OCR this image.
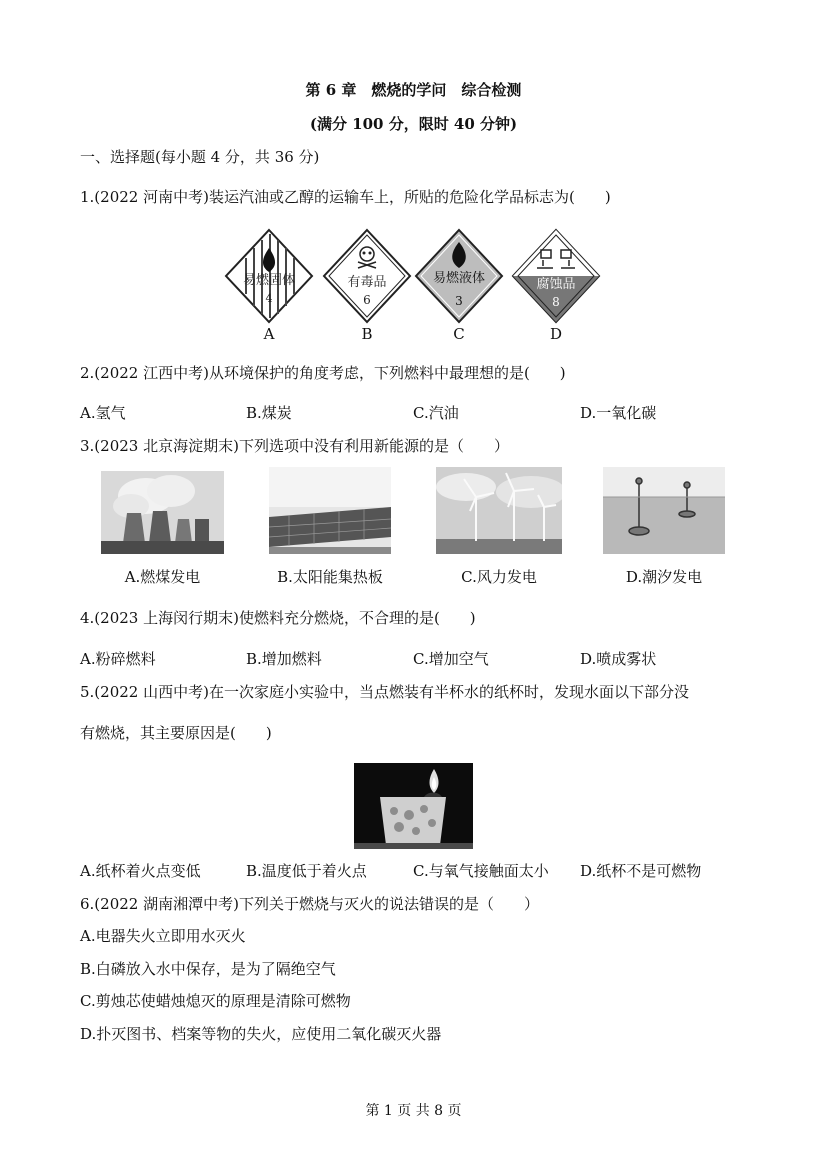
第 6 章　燃烧的学问　综合检测
(满分 100 分，限时 40 分钟)
一、选择题(每小题 4 分，共 36 分)
1.(2022 河南中考)装运汽油或乙醇的运输车上，所贴的危险化学品标志为(　　)
易燃固体
4
A
有毒品
6
B
易燃液体
3
C
腐蚀品
8
D
2.(2022 江西中考)从环境保护的角度考虑，下列燃料中最理想的是(　　)
A.氢气	B.煤炭	C.汽油	D.一氧化碳
3.(2023 北京海淀期末)下列选项中没有利用新能源的是（　　）
A.燃煤发电	B.太阳能集热板	C.风力发电	D.潮汐发电
4.(2023 上海闵行期末)使燃料充分燃烧，不合理的是(　　)
A.粉碎燃料	B.增加燃料	C.增加空气	D.喷成雾状
5.(2022 山西中考)在一次家庭小实验中，当点燃装有半杯水的纸杯时，发现水面以下部分没
有燃烧，其主要原因是(　　)
A.纸杯着火点变低	B.温度低于着火点	C.与氧气接触面太小 D.纸杯不是可燃物
6.(2022 湖南湘潭中考)下列关于燃烧与灭火的说法错误的是（　　）
A.电器失火立即用水灭火
B.白磷放入水中保存，是为了隔绝空气
C.剪烛芯使蜡烛熄灭的原理是清除可燃物
D.扑灭图书、档案等物的失火，应使用二氧化碳灭火器
第 1 页 共 8 页
